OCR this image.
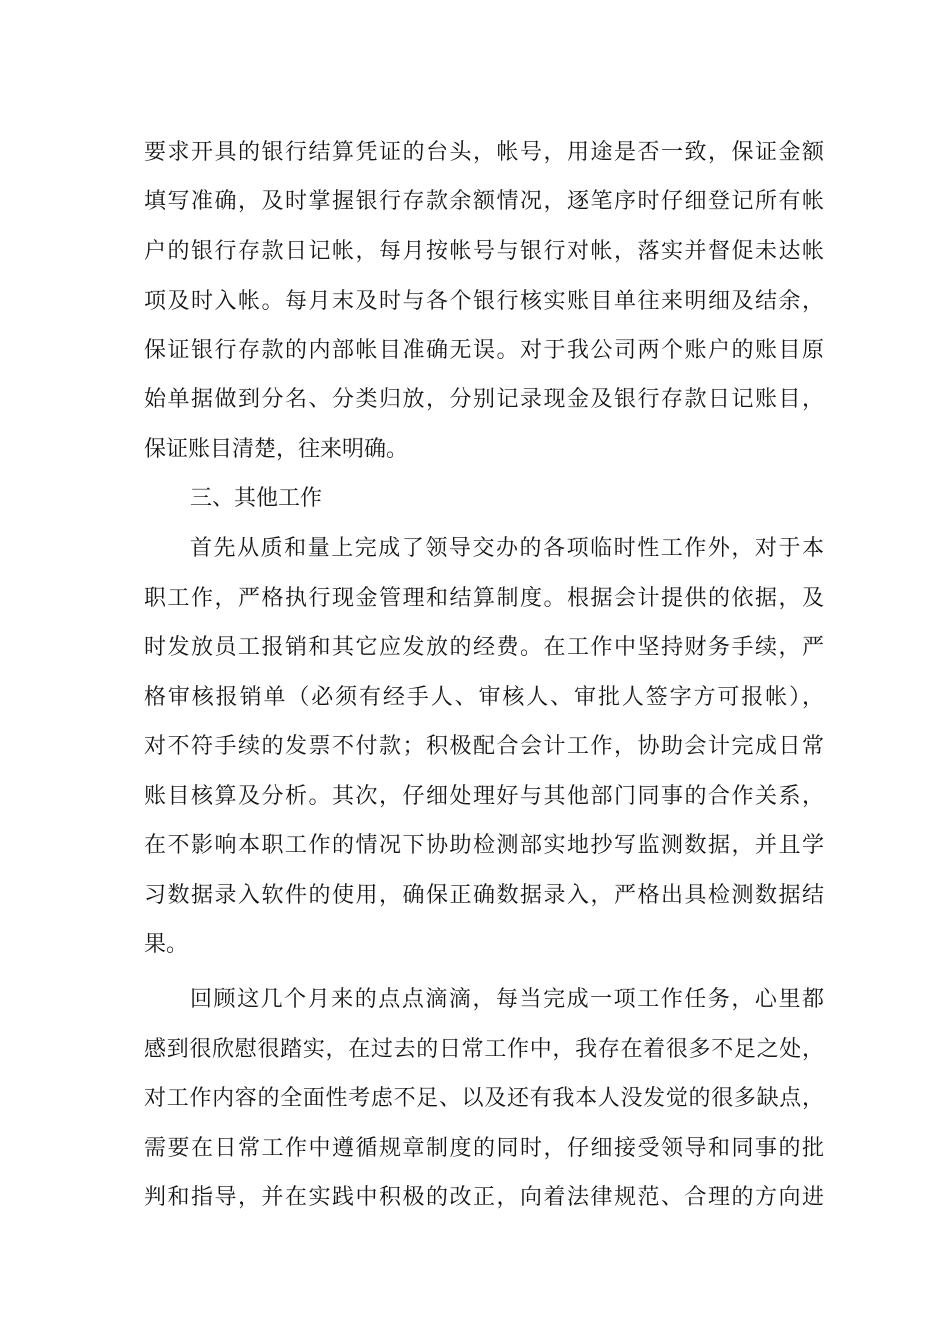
要求开具的银行结算凭证的台头，帐号，用途是否一致，保证金额
填写准确，及时掌握银行存款余额情况，逐笔序时仔细登记所有帐
户的银行存款日记帐，每月按帐号与银行对帐，落实并督促未达帐
项及时入帐。每月末及时与各个银行核实账目单往来明细及结余，
保证银行存款的内部帐目准确无误。对于我公司两个账户的账目原
始单据做到分名、分类归放，分别记录现金及银行存款日记账目，
保证账目清楚，往来明确。
三、其他工作
首先从质和量上完成了领导交办的各项临时性工作外，对于本
职工作，严格执行现金管理和结算制度。根据会计提供的依据，及
时发放员工报销和其它应发放的经费。在工作中坚持财务手续，严
格审核报销单（必须有经手人、审核人、审批人签字方可报帐），
对不符手续的发票不付款；积极配合会计工作，协助会计完成日常
账目核算及分析。其次，仔细处理好与其他部门同事的合作关系，
在不影响本职工作的情况下协助检测部实地抄写监测数据，并且学
习数据录入软件的使用，确保正确数据录入，严格出具检测数据结
果。
回顾这几个月来的点点滴滴，每当完成一项工作任务，心里都
感到很欣慰很踏实，在过去的日常工作中，我存在着很多不足之处，
对工作内容的全面性考虑不足、以及还有我本人没发觉的很多缺点，
需要在日常工作中遵循规章制度的同时，仔细接受领导和同事的批
判和指导，并在实践中积极的改正，向着法律规范、合理的方向进
